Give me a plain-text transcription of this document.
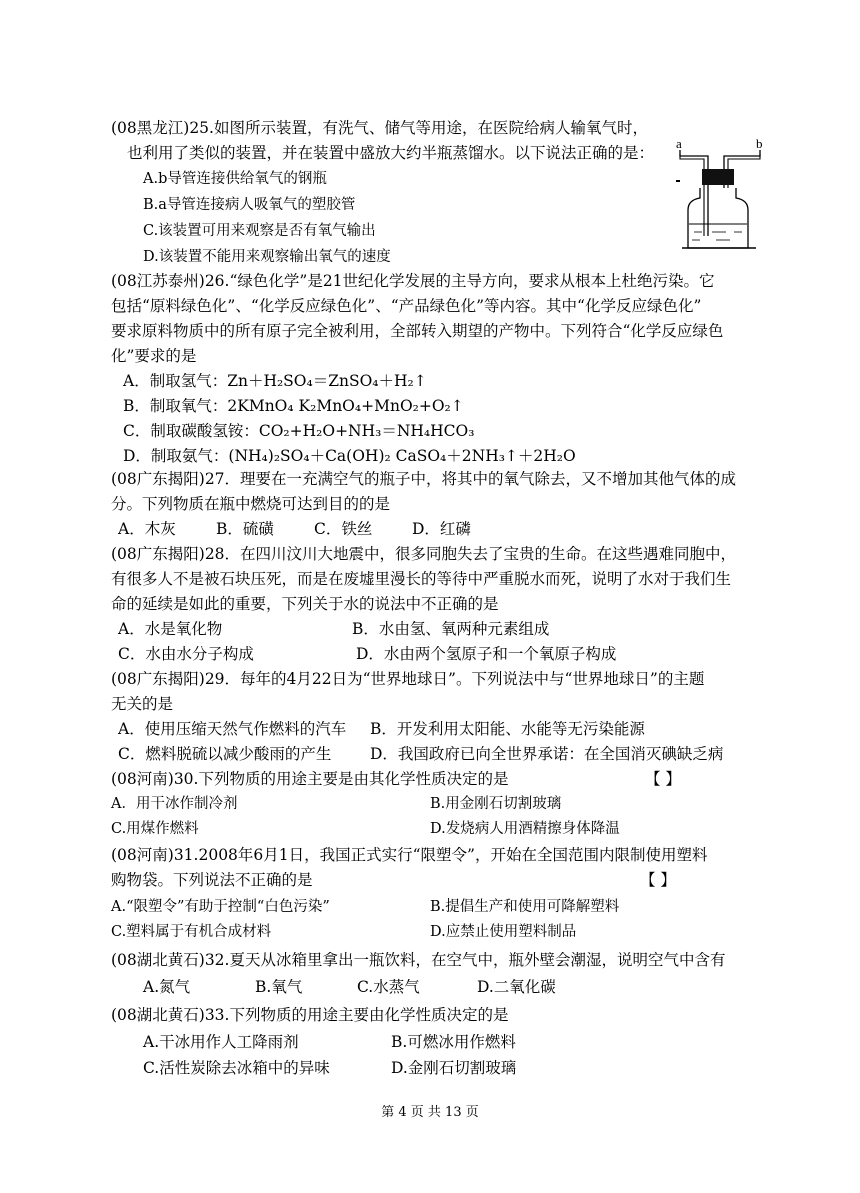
(08黑龙江)25.如图所示装置，有洗气、储气等用途，在医院给病人输氧气时，
也利用了类似的装置，并在装置中盛放大约半瓶蒸馏水。以下说法正确的是：
A.b导管连接供给氧气的钢瓶
B.a导管连接病人吸氧气的塑胶管
C.该装置可用来观察是否有氧气输出
D.该装置不能用来观察输出氧气的速度
a	b
(08江苏泰州)26.“绿色化学”是21世纪化学发展的主导方向，要求从根本上杜绝污染。它
包括“原料绿色化”、“化学反应绿色化”、“产品绿色化”等内容。其中“化学反应绿色化”
要求原料物质中的所有原子完全被利用，全部转入期望的产物中。下列符合“化学反应绿色
化”要求的是
A．制取氢气：Zn＋H₂SO₄＝ZnSO₄＋H₂↑
B．制取氧气：2KMnO₄ K₂MnO₄+MnO₂+O₂↑
C．制取碳酸氢铵：CO₂+H₂O+NH₃＝NH₄HCO₃
D．制取氨气：(NH₄)₂SO₄＋Ca(OH)₂ CaSO₄＋2NH₃↑＋2H₂O
(08广东揭阳)27．理要在一充满空气的瓶子中，将其中的氧气除去，又不增加其他气体的成
分。下列物质在瓶中燃烧可达到目的的是
A．木灰	B．硫磺	C．铁丝	D．红磷
(08广东揭阳)28．在四川汶川大地震中，很多同胞失去了宝贵的生命。在这些遇难同胞中，
有很多人不是被石块压死，而是在废墟里漫长的等待中严重脱水而死，说明了水对于我们生
命的延续是如此的重要，下列关于水的说法中不正确的是
A．水是氧化物	B．水由氢、氧两种元素组成
C．水由水分子构成	D．水由两个氢原子和一个氧原子构成
(08广东揭阳)29．每年的4月22日为“世界地球日”。下列说法中与“世界地球日”的主题
无关的是
A．使用压缩天然气作燃料的汽车 B．开发利用太阳能、水能等无污染能源
C．燃料脱硫以减少酸雨的产生 D．我国政府已向全世界承诺：在全国消灭碘缺乏病
(08河南)30.下列物质的用途主要是由其化学性质决定的是	【 】
A．用干冰作制冷剂	B.用金刚石切割玻璃
C.用煤作燃料	D.发烧病人用酒精擦身体降温
(08河南)31.2008年6月1日，我国正式实行“限塑令”，开始在全国范围内限制使用塑料
购物袋。下列说法不正确的是	【 】
A.“限塑令”有助于控制“白色污染”	B.提倡生产和使用可降解塑料
C.塑料属于有机合成材料	D.应禁止使用塑料制品
(08湖北黄石)32.夏天从冰箱里拿出一瓶饮料，在空气中，瓶外壁会潮湿，说明空气中含有
A.氮气	B.氧气	C.水蒸气	D.二氧化碳
(08湖北黄石)33.下列物质的用途主要由化学性质决定的是
A.干冰用作人工降雨剂	B.可燃冰用作燃料
C.活性炭除去冰箱中的异味	D.金刚石切割玻璃
第 4 页 共 13 页
